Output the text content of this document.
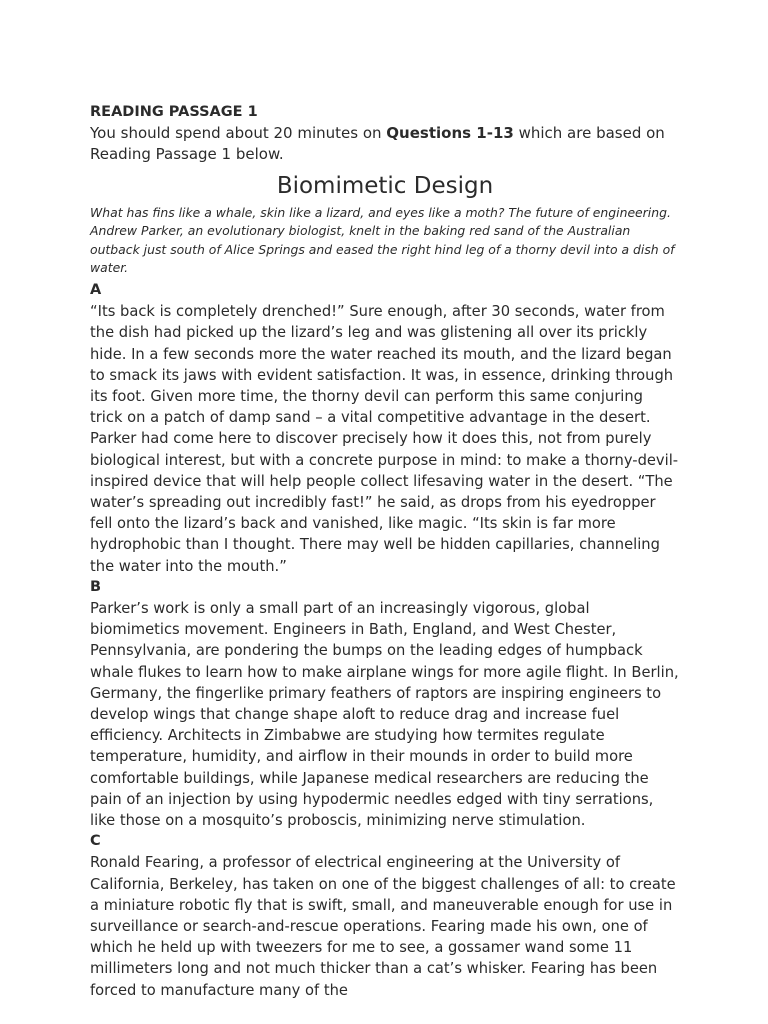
READING PASSAGE 1

You should spend about 20 minutes on Questions 1-13 which are based on Reading Passage 1 below.

Biomimetic Design

What has fins like a whale, skin like a lizard, and eyes like a moth? The future of engineering. Andrew Parker, an evolutionary biologist, knelt in the baking red sand of the Australian outback just south of Alice Springs and eased the right hind leg of a thorny devil into a dish of water.

A

“Its back is completely drenched!” Sure enough, after 30 seconds, water from the dish had picked up the lizard’s leg and was glistening all over its prickly hide. In a few seconds more the water reached its mouth, and the lizard began to smack its jaws with evident satisfaction. It was, in essence, drinking through its foot. Given more time, the thorny devil can perform this same conjuring trick on a patch of damp sand – a vital competitive advantage in the desert. Parker had come here to discover precisely how it does this, not from purely biological interest, but with a concrete purpose in mind: to make a thorny-devil-inspired device that will help people collect lifesaving water in the desert. “The water’s spreading out incredibly fast!” he said, as drops from his eyedropper fell onto the lizard’s back and vanished, like magic. “Its skin is far more hydrophobic than I thought. There may well be hidden capillaries, channeling the water into the mouth.”

B

Parker’s work is only a small part of an increasingly vigorous, global biomimetics movement. Engineers in Bath, England, and West Chester, Pennsylvania, are pondering the bumps on the leading edges of humpback whale flukes to learn how to make airplane wings for more agile flight. In Berlin, Germany, the fingerlike primary feathers of raptors are inspiring engineers to develop wings that change shape aloft to reduce drag and increase fuel efficiency. Architects in Zimbabwe are studying how termites regulate temperature, humidity, and airflow in their mounds in order to build more comfortable buildings, while Japanese medical researchers are reducing the pain of an injection by using hypodermic needles edged with tiny serrations, like those on a mosquito’s proboscis, minimizing nerve stimulation.

C

Ronald Fearing, a professor of electrical engineering at the University of California, Berkeley, has taken on one of the biggest challenges of all: to create a miniature robotic fly that is swift, small, and maneuverable enough for use in surveillance or search-and-rescue operations. Fearing made his own, one of which he held up with tweezers for me to see, a gossamer wand some 11 millimeters long and not much thicker than a cat’s whisker. Fearing has been forced to manufacture many of the
